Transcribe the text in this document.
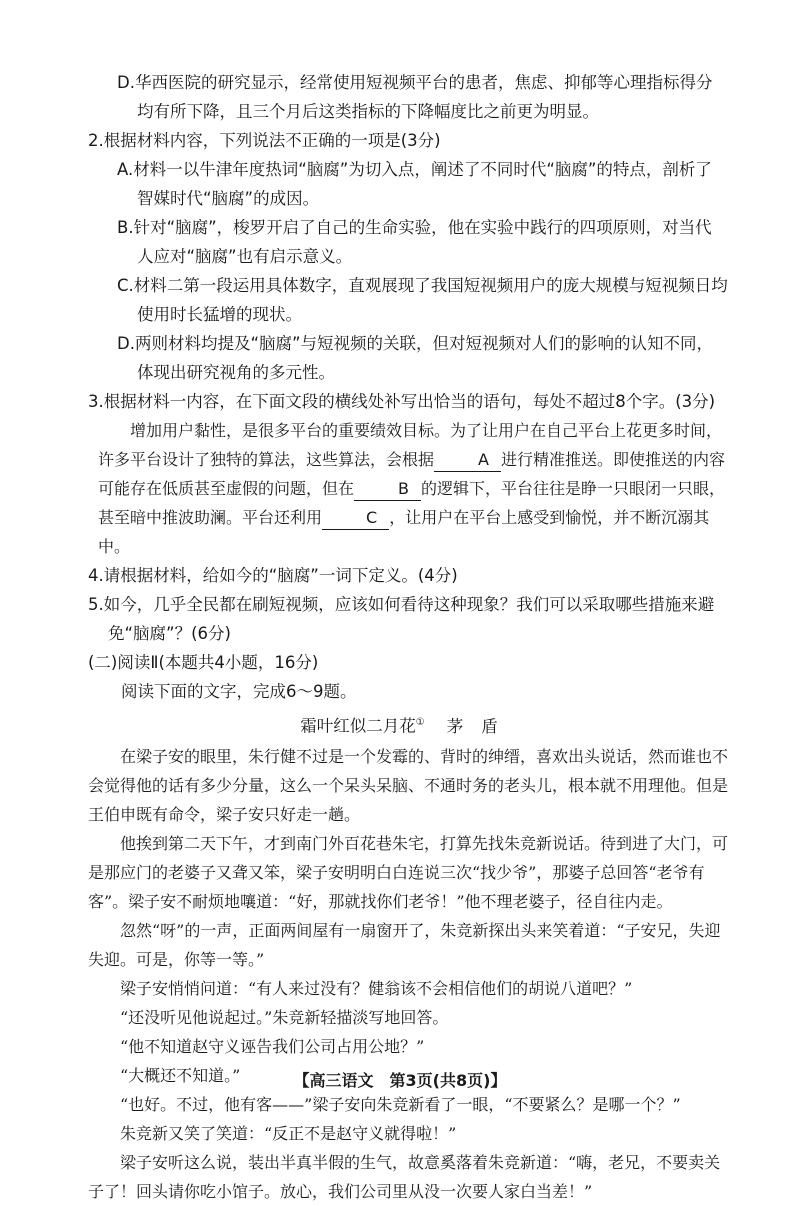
D.华西医院的研究显示，经常使用短视频平台的患者，焦虑、抑郁等心理指标得分均有所下降，且三个月后这类指标的下降幅度比之前更为明显。

2.根据材料内容，下列说法不正确的一项是(3分)

A.材料一以牛津年度热词“脑腐”为切入点，阐述了不同时代“脑腐”的特点，剖析了智媒时代“脑腐”的成因。

B.针对“脑腐”，梭罗开启了自己的生命实验，他在实验中践行的四项原则，对当代人应对“脑腐”也有启示意义。

C.材料二第一段运用具体数字，直观展现了我国短视频用户的庞大规模与短视频日均使用时长猛增的现状。

D.两则材料均提及“脑腐”与短视频的关联，但对短视频对人们的影响的认知不同，体现出研究视角的多元性。

3.根据材料一内容，在下面文段的横线处补写出恰当的语句，每处不超过8个字。(3分)

增加用户黏性，是很多平台的重要绩效目标。为了让用户在自己平台上花更多时间，许多平台设计了独特的算法，这些算法，会根据	A 进行精准推送。即使推送的内容可能存在低质甚至虚假的问题，但在	B 的逻辑下，平台往往是睁一只眼闭一只眼，甚至暗中推波助澜。平台还利用	C ，让用户在平台上感受到愉悦，并不断沉溺其中。

4.请根据材料，给如今的“脑腐”一词下定义。(4分)

5.如今，几乎全民都在刷短视频，应该如何看待这种现象？我们可以采取哪些措施来避免“脑腐”？(6分)

(二)阅读Ⅱ(本题共4小题，16分)

阅读下面的文字，完成6～9题。

霜叶红似二月花① 茅盾

在梁子安的眼里，朱行健不过是一个发霉的、背时的绅缙，喜欢出头说话，然而谁也不会觉得他的话有多少分量，这么一个呆头呆脑、不通时务的老头儿，根本就不用理他。但是王伯申既有命令，梁子安只好走一趟。

他挨到第二天下午，才到南门外百花巷朱宅，打算先找朱竞新说话。待到进了大门，可是那应门的老婆子又聋又笨，梁子安明明白白连说三次“找少爷”，那婆子总回答“老爷有客”。梁子安不耐烦地嚷道：“好，那就找你们老爷！”他不理老婆子，径自往内走。

忽然“呀”的一声，正面两间屋有一扇窗开了，朱竞新探出头来笑着道：“子安兄，失迎失迎。可是，你等一等。”

梁子安悄悄问道：“有人来过没有？健翁该不会相信他们的胡说八道吧？”

“还没听见他说起过。”朱竞新轻描淡写地回答。

“他不知道赵守义诬告我们公司占用公地？”

“大概还不知道。”

“也好。不过，他有客——”梁子安向朱竞新看了一眼，“不要紧么？是哪一个？”

朱竞新又笑了笑道：“反正不是赵守义就得啦！”

梁子安听这么说，装出半真半假的生气，故意奚落着朱竞新道：“嗨，老兄，不要卖关子了！回头请你吃小馆子。放心，我们公司里从没一次要人家白当差！”

【高三语文　第3页(共8页)】
